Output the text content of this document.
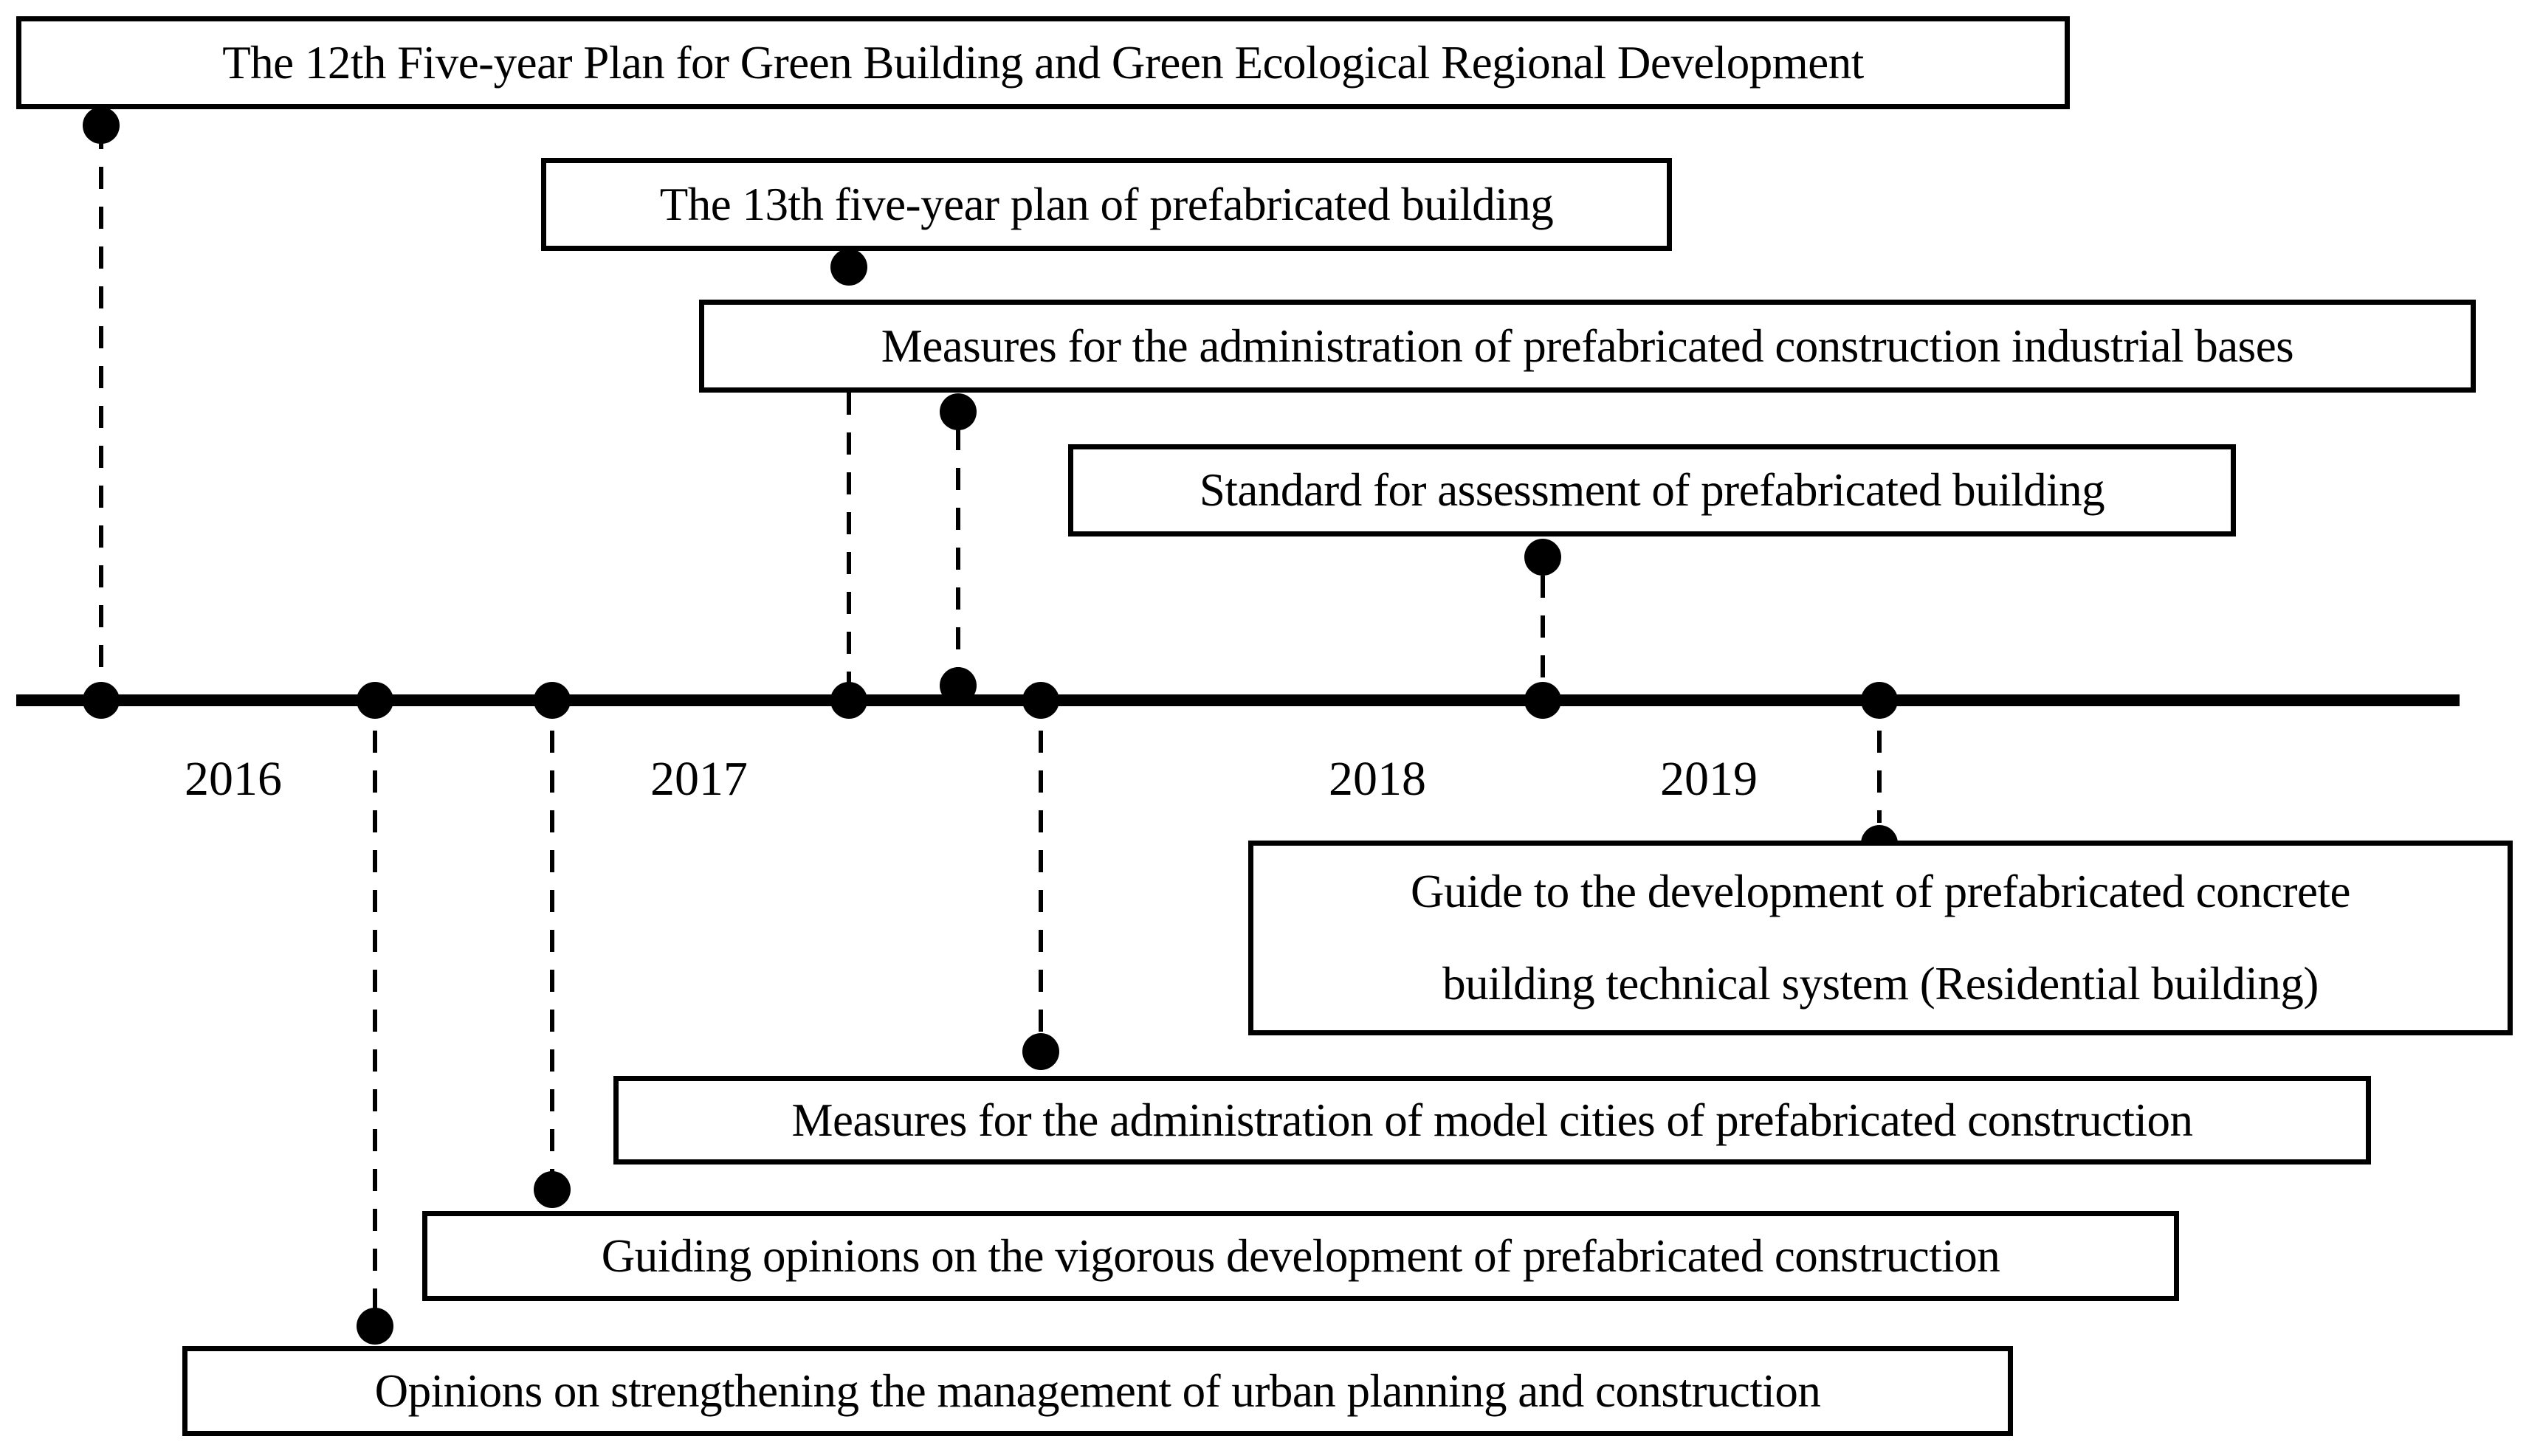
2016	2017	2018	2019
The 12th Five-year Plan for Green Building and Green Ecological Regional Development
The 13th five-year plan of prefabricated building
Measures for the administration of prefabricated construction industrial bases
Standard for assessment of prefabricated building
Guide to the development of prefabricated concrete
building technical system (Residential building)
Measures for the administration of model cities of prefabricated construction
Guiding opinions on the vigorous development of prefabricated construction
Opinions on strengthening the management of urban planning and construction
